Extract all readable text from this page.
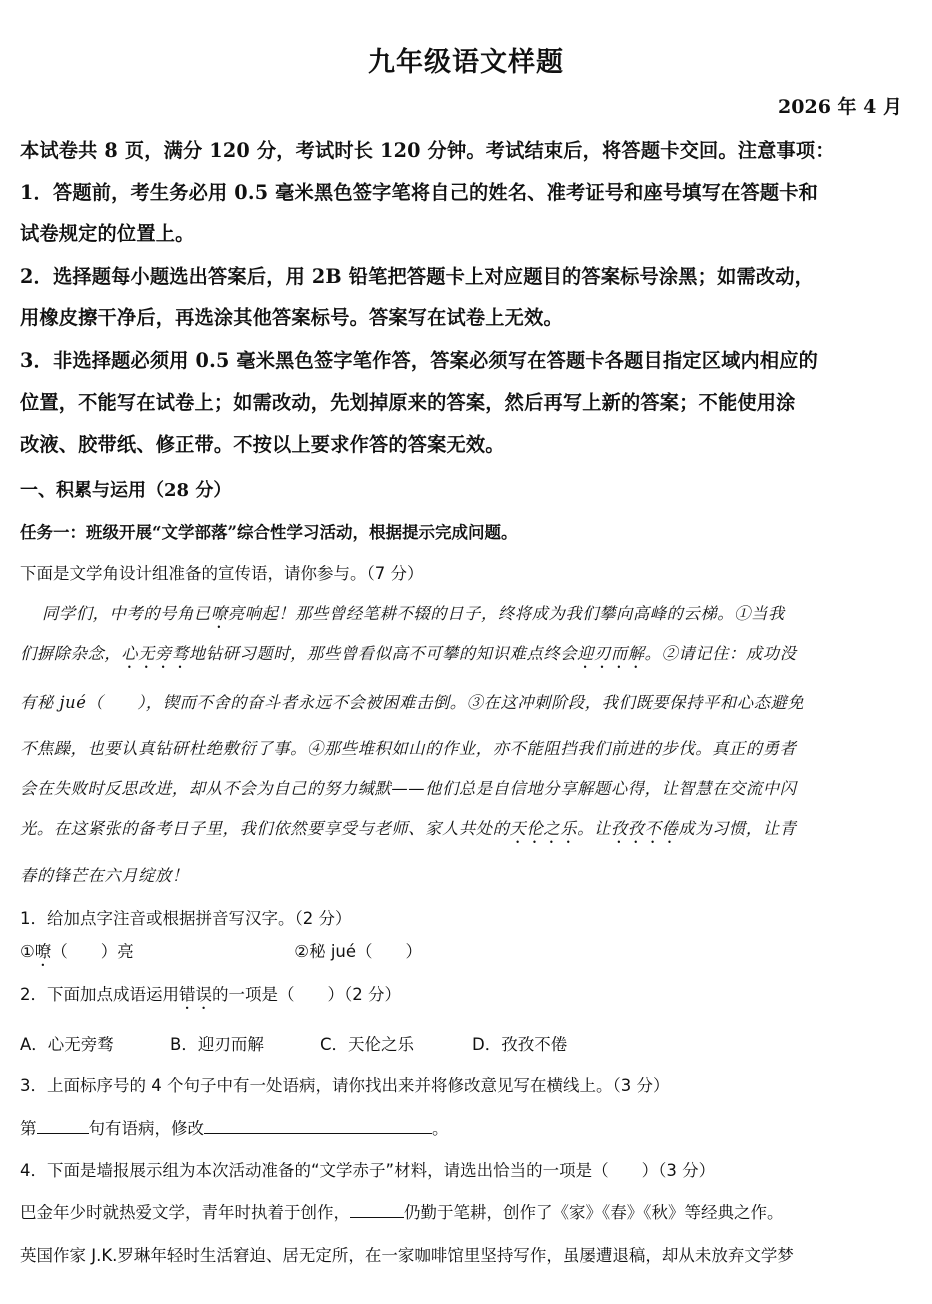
九年级语文样题
2026 年 4 月
本试卷共 8 页，满分 120 分，考试时长 120 分钟。考试结束后，将答题卡交回。注意事项：
1．答题前，考生务必用 0.5 毫米黑色签字笔将自己的姓名、准考证号和座号填写在答题卡和
试卷规定的位置上。
2．选择题每小题选出答案后，用 2B 铅笔把答题卡上对应题目的答案标号涂黑；如需改动，
用橡皮擦干净后，再选涂其他答案标号。答案写在试卷上无效。
3．非选择题必须用 0.5 毫米黑色签字笔作答，答案必须写在答题卡各题目指定区域内相应的
位置，不能写在试卷上；如需改动，先划掉原来的答案，然后再写上新的答案；不能使用涂
改液、胶带纸、修正带。不按以上要求作答的答案无效。
一、积累与运用（28 分）
任务一：班级开展“文学部落”综合性学习活动，根据提示完成问题。
下面是文学角设计组准备的宣传语，请你参与。（7 分）
同学们，中考的号角已嘹亮响起！那些曾经笔耕不辍的日子，终将成为我们攀向高峰的云梯。①当我
们摒除杂念，心无旁骛地钻研习题时，那些曾看似高不可攀的知识难点终会迎刃而解。②请记住：成功没
有秘 jué（　　），锲而不舍的奋斗者永远不会被困难击倒。③在这冲刺阶段，我们既要保持平和心态避免
不焦躁，也要认真钻研杜绝敷衍了事。④那些堆积如山的作业，亦不能阻挡我们前进的步伐。真正的勇者
会在失败时反思改进，却从不会为自己的努力缄默——他们总是自信地分享解题心得，让智慧在交流中闪
光。在这紧张的备考日子里，我们依然要享受与老师、家人共处的天伦之乐。让孜孜不倦成为习惯，让青
春的锋芒在六月绽放！
1．给加点字注音或根据拼音写汉字。（2 分）
①嘹（　　）亮	②秘 jué（　　）
2．下面加点成语运用错误的一项是（　　）（2 分）
A．心无旁骛	B．迎刃而解	C．天伦之乐	D．孜孜不倦
3．上面标序号的 4 个句子中有一处语病，请你找出来并将修改意见写在横线上。（3 分）
第	句有语病，修改	。
4．下面是墙报展示组为本次活动准备的“文学赤子”材料，请选出恰当的一项是（　　）（3 分）
巴金年少时就热爱文学，青年时执着于创作，	仍勤于笔耕，创作了《家》《春》《秋》等经典之作。
英国作家 J.K.罗琳年轻时生活窘迫、居无定所，在一家咖啡馆里坚持写作，虽屡遭退稿，却从未放弃文学梦
